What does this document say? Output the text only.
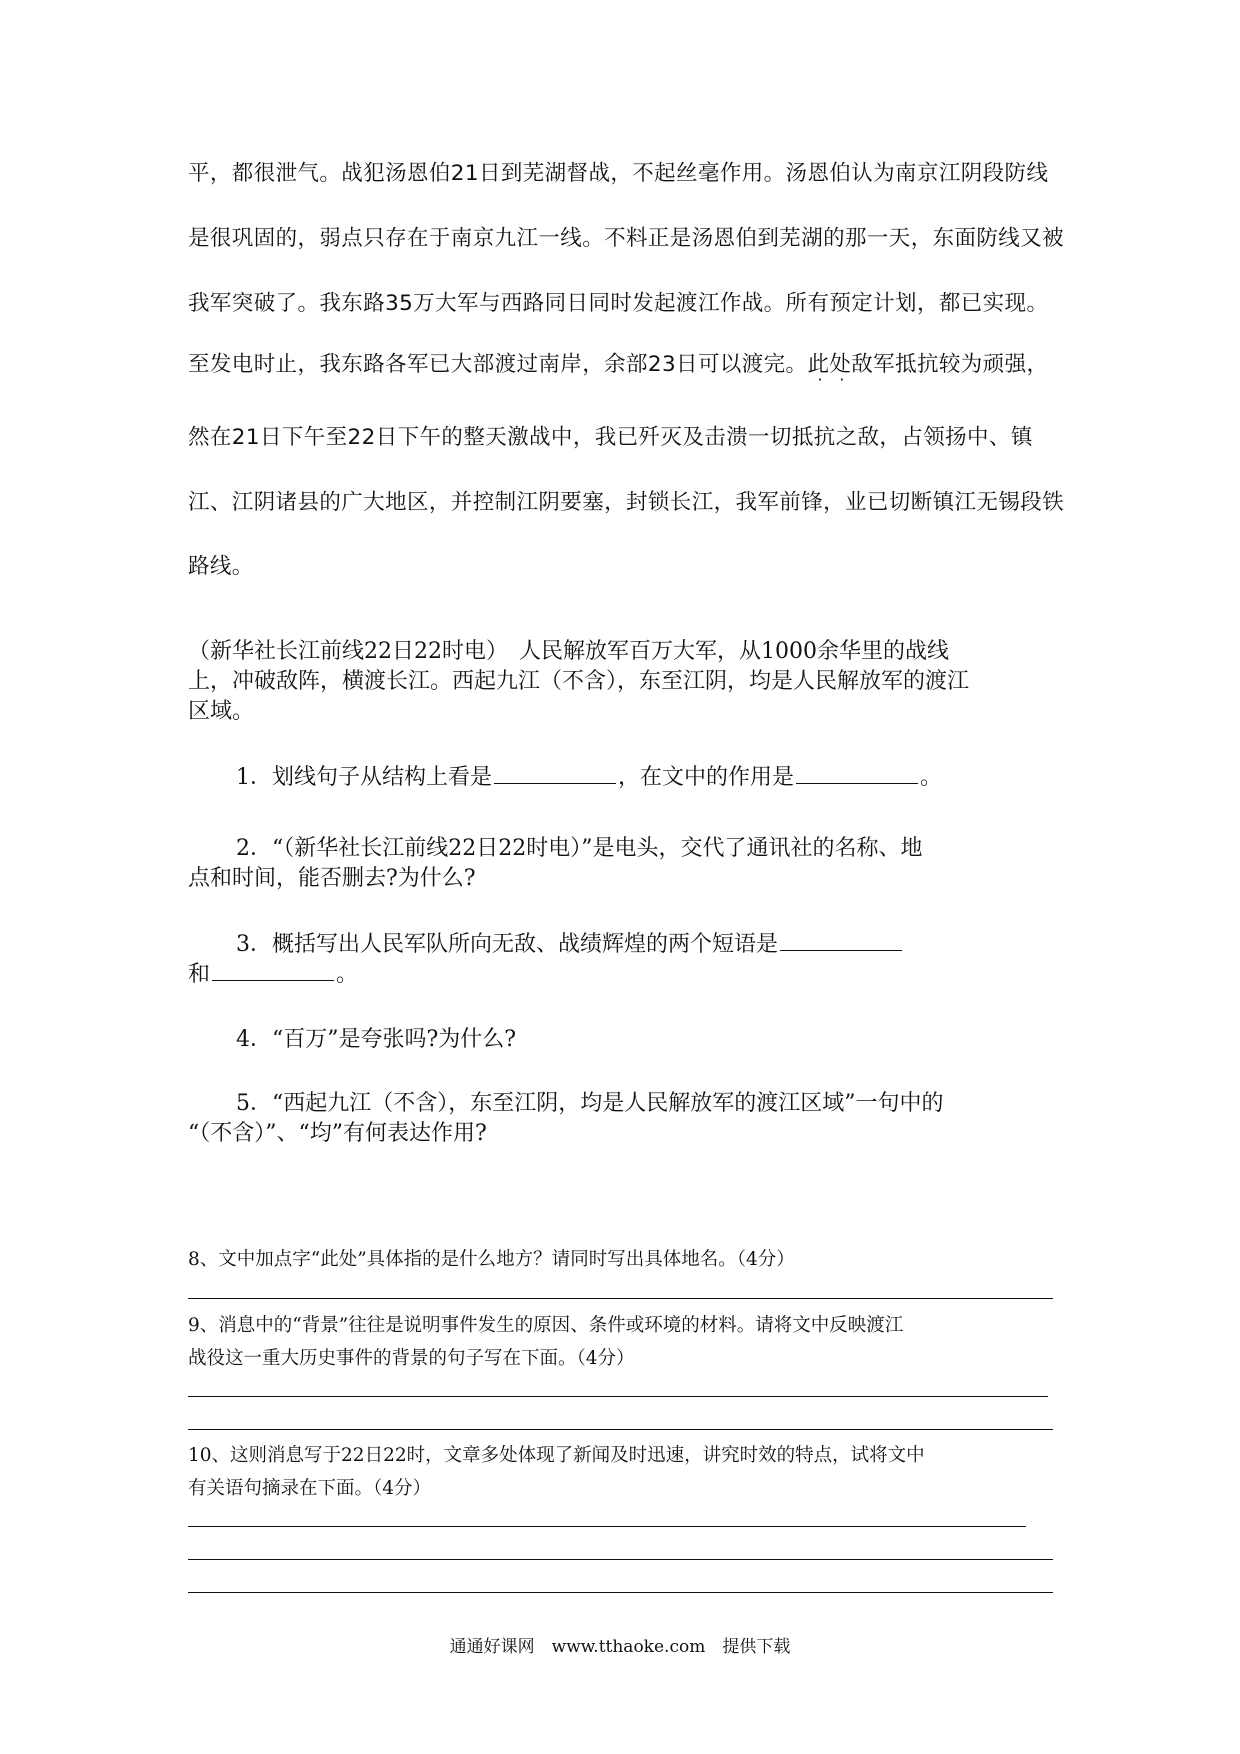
平，都很泄气。战犯汤恩伯21日到芜湖督战，不起丝毫作用。汤恩伯认为南京江阴段防线
是很巩固的，弱点只存在于南京九江一线。不料正是汤恩伯到芜湖的那一天，东面防线又被
我军突破了。我东路35万大军与西路同日同时发起渡江作战。所有预定计划，都已实现。
至发电时止，我东路各军已大部渡过南岸，余部23日可以渡完。此处敌军抵抗较为顽强，
然在21日下午至22日下午的整天激战中，我已歼灭及击溃一切抵抗之敌，占领扬中、镇
江、江阴诸县的广大地区，并控制江阴要塞，封锁长江，我军前锋，业已切断镇江无锡段铁
路线。
（新华社长江前线22日22时电）　人民解放军百万大军，从1000余华里的战线
上，冲破敌阵，横渡长江。西起九江（不含），东至江阴，均是人民解放军的渡江
区域。
1．划线句子从结构上看是	，在文中的作用是	。
2．“（新华社长江前线22日22时电）”是电头，交代了通讯社的名称、地
点和时间，能否删去?为什么?
3．概括写出人民军队所向无敌、战绩辉煌的两个短语是
和	。
4．“百万”是夸张吗?为什么?
5．“西起九江（不含），东至江阴，均是人民解放军的渡江区域”一句中的
“（不含）”、“均”有何表达作用?
8、文中加点字“此处”具体指的是什么地方？请同时写出具体地名。（4分）
9、消息中的“背景”往往是说明事件发生的原因、条件或环境的材料。请将文中反映渡江
战役这一重大历史事件的背景的句子写在下面。（4分）
10、这则消息写于22日22时，文章多处体现了新闻及时迅速，讲究时效的特点，试将文中
有关语句摘录在下面。（4分）
通通好课网　www.tthaoke.com　提供下载
